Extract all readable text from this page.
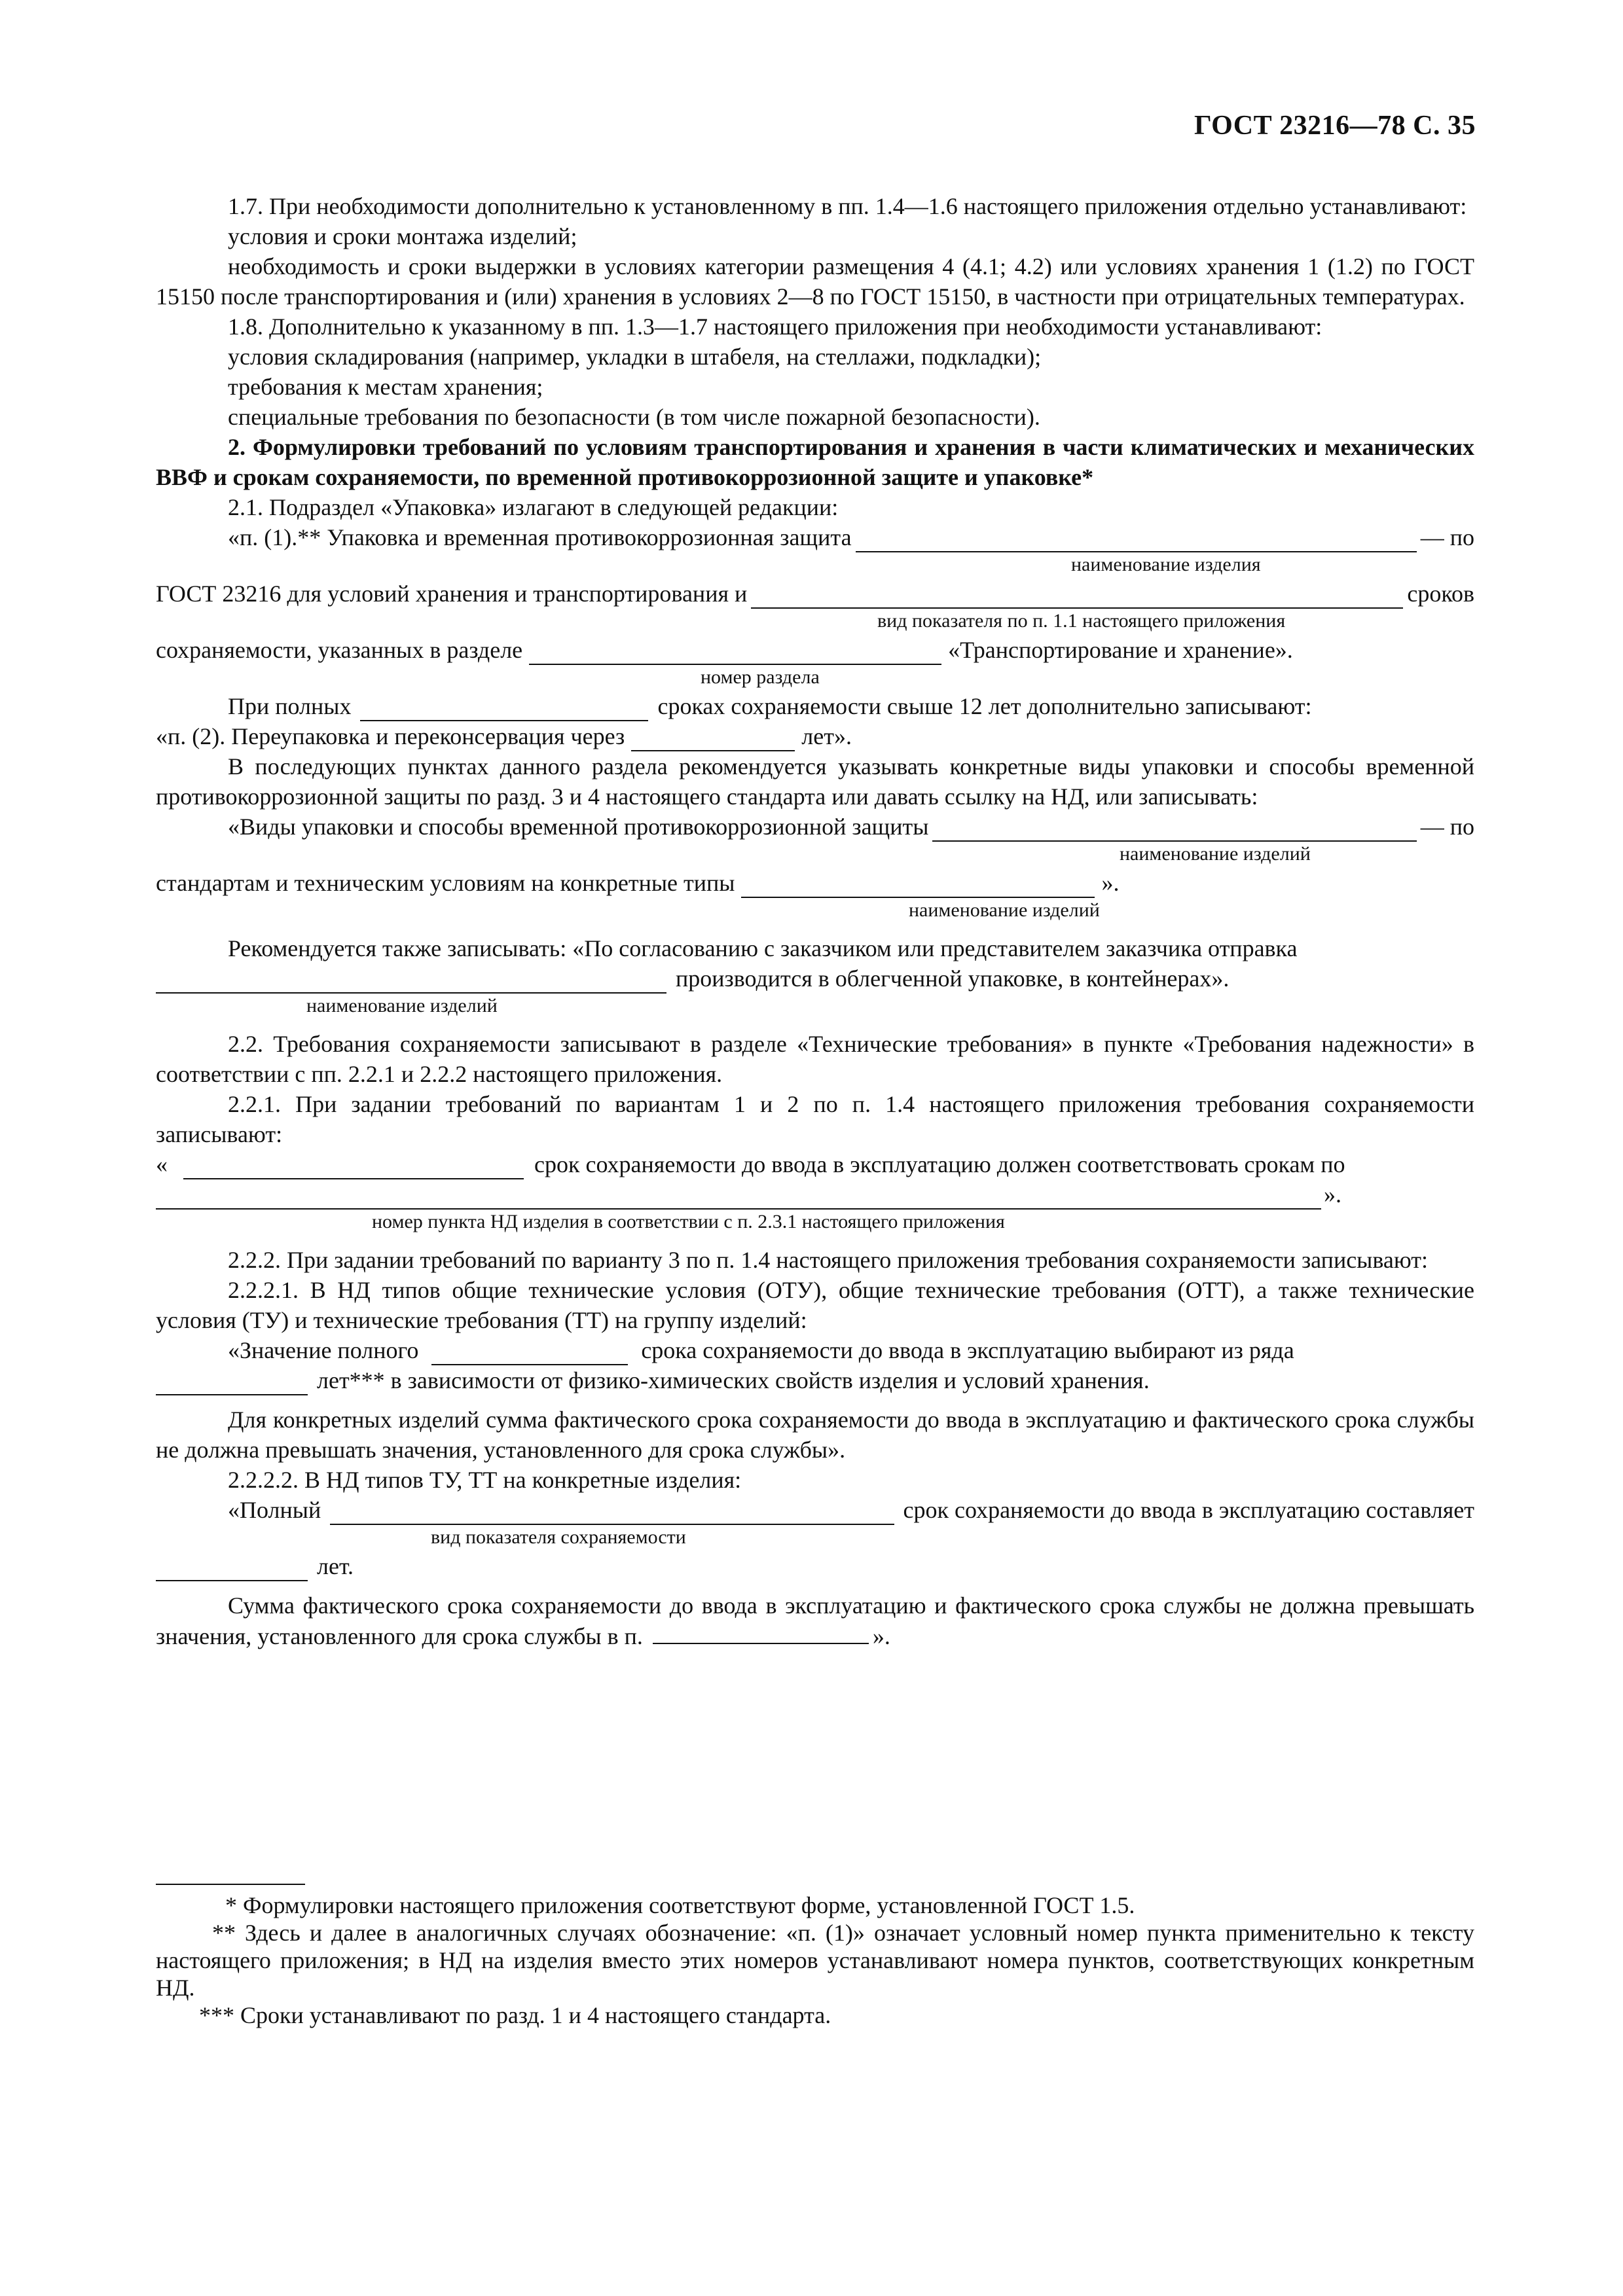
ГОСТ 23216—78 С. 35

1.7. При необходимости дополнительно к установленному в пп. 1.4—1.6 настоящего приложения отдельно устанавливают:

условия и сроки монтажа изделий;

необходимость и сроки выдержки в условиях категории размещения 4 (4.1; 4.2) или условиях хранения 1 (1.2) по ГОСТ 15150 после транспортирования и (или) хранения в условиях 2—8 по ГОСТ 15150, в частности при отрицательных температурах.

1.8. Дополнительно к указанному в пп. 1.3—1.7 настоящего приложения при необходимости устанавливают:

условия складирования (например, укладки в штабеля, на стеллажи, подкладки);

требования к местам хранения;

специальные требования по безопасности (в том числе пожарной безопасности).

2. Формулировки требований по условиям транспортирования и хранения в части климатических и механических ВВФ и срокам сохраняемости, по временной противокоррозионной защите и упаковке*

2.1. Подраздел «Упаковка» излагают в следующей редакции:

«п. (1).** Упаковка и временная противокоррозионная защита	— по
наименование изделия
ГОСТ 23216 для условий хранения и транспортирования и	сроков
вид показателя по п. 1.1 настоящего приложения
сохраняемости, указанных в разделе	«Транспортирование и хранение».
номер раздела
При полных	сроках сохраняемости свыше 12 лет дополнительно записывают:
«п. (2). Переупаковка и переконсервация через	лет».

В последующих пунктах данного раздела рекомендуется указывать конкретные виды упаковки и способы временной противокоррозионной защиты по разд. 3 и 4 настоящего стандарта или давать ссылку на НД, или записывать:

«Виды упаковки и способы временной противокоррозионной защиты	— по
наименование изделий
стандартам и техническим условиям на конкретные типы	».
наименование изделий

Рекомендуется также записывать: «По согласованию с заказчиком или представителем заказчика отправка

производится в облегченной упаковке, в контейнерах».
наименование изделий

2.2. Требования сохраняемости записывают в разделе «Технические требования» в пункте «Требования надежности» в соответствии с пп. 2.2.1 и 2.2.2 настоящего приложения.

2.2.1. При задании требований по вариантам 1 и 2 по п. 1.4 настоящего приложения требования сохраняемости записывают:

«	срок сохраняемости до ввода в эксплуатацию должен соответствовать срокам по
».
номер пункта НД изделия в соответствии с п. 2.3.1 настоящего приложения

2.2.2. При задании требований по варианту 3 по п. 1.4 настоящего приложения требования сохраняемости записывают:

2.2.2.1. В НД типов общие технические условия (ОТУ), общие технические требования (ОТТ), а также технические условия (ТУ) и технические требования (ТТ) на группу изделий:

«Значение полного	срока сохраняемости до ввода в эксплуатацию выбирают из ряда
лет*** в зависимости от физико-химических свойств изделия и условий хранения.

Для конкретных изделий сумма фактического срока сохраняемости до ввода в эксплуатацию и фактического срока службы не должна превышать значения, установленного для срока службы».

2.2.2.2. В НД типов ТУ, ТТ на конкретные изделия:

«Полный	срок сохраняемости до ввода в эксплуатацию составляет
вид показателя сохраняемости
лет.

Сумма фактического срока сохраняемости до ввода в эксплуатацию и фактического срока службы не должна превышать значения, установленного для срока службы в п.	».

* Формулировки настоящего приложения соответствуют форме, установленной ГОСТ 1.5.

** Здесь и далее в аналогичных случаях обозначение: «п. (1)» означает условный номер пункта применительно к тексту настоящего приложения; в НД на изделия вместо этих номеров устанавливают номера пунктов, соответствующих конкретным НД.

*** Сроки устанавливают по разд. 1 и 4 настоящего стандарта.
